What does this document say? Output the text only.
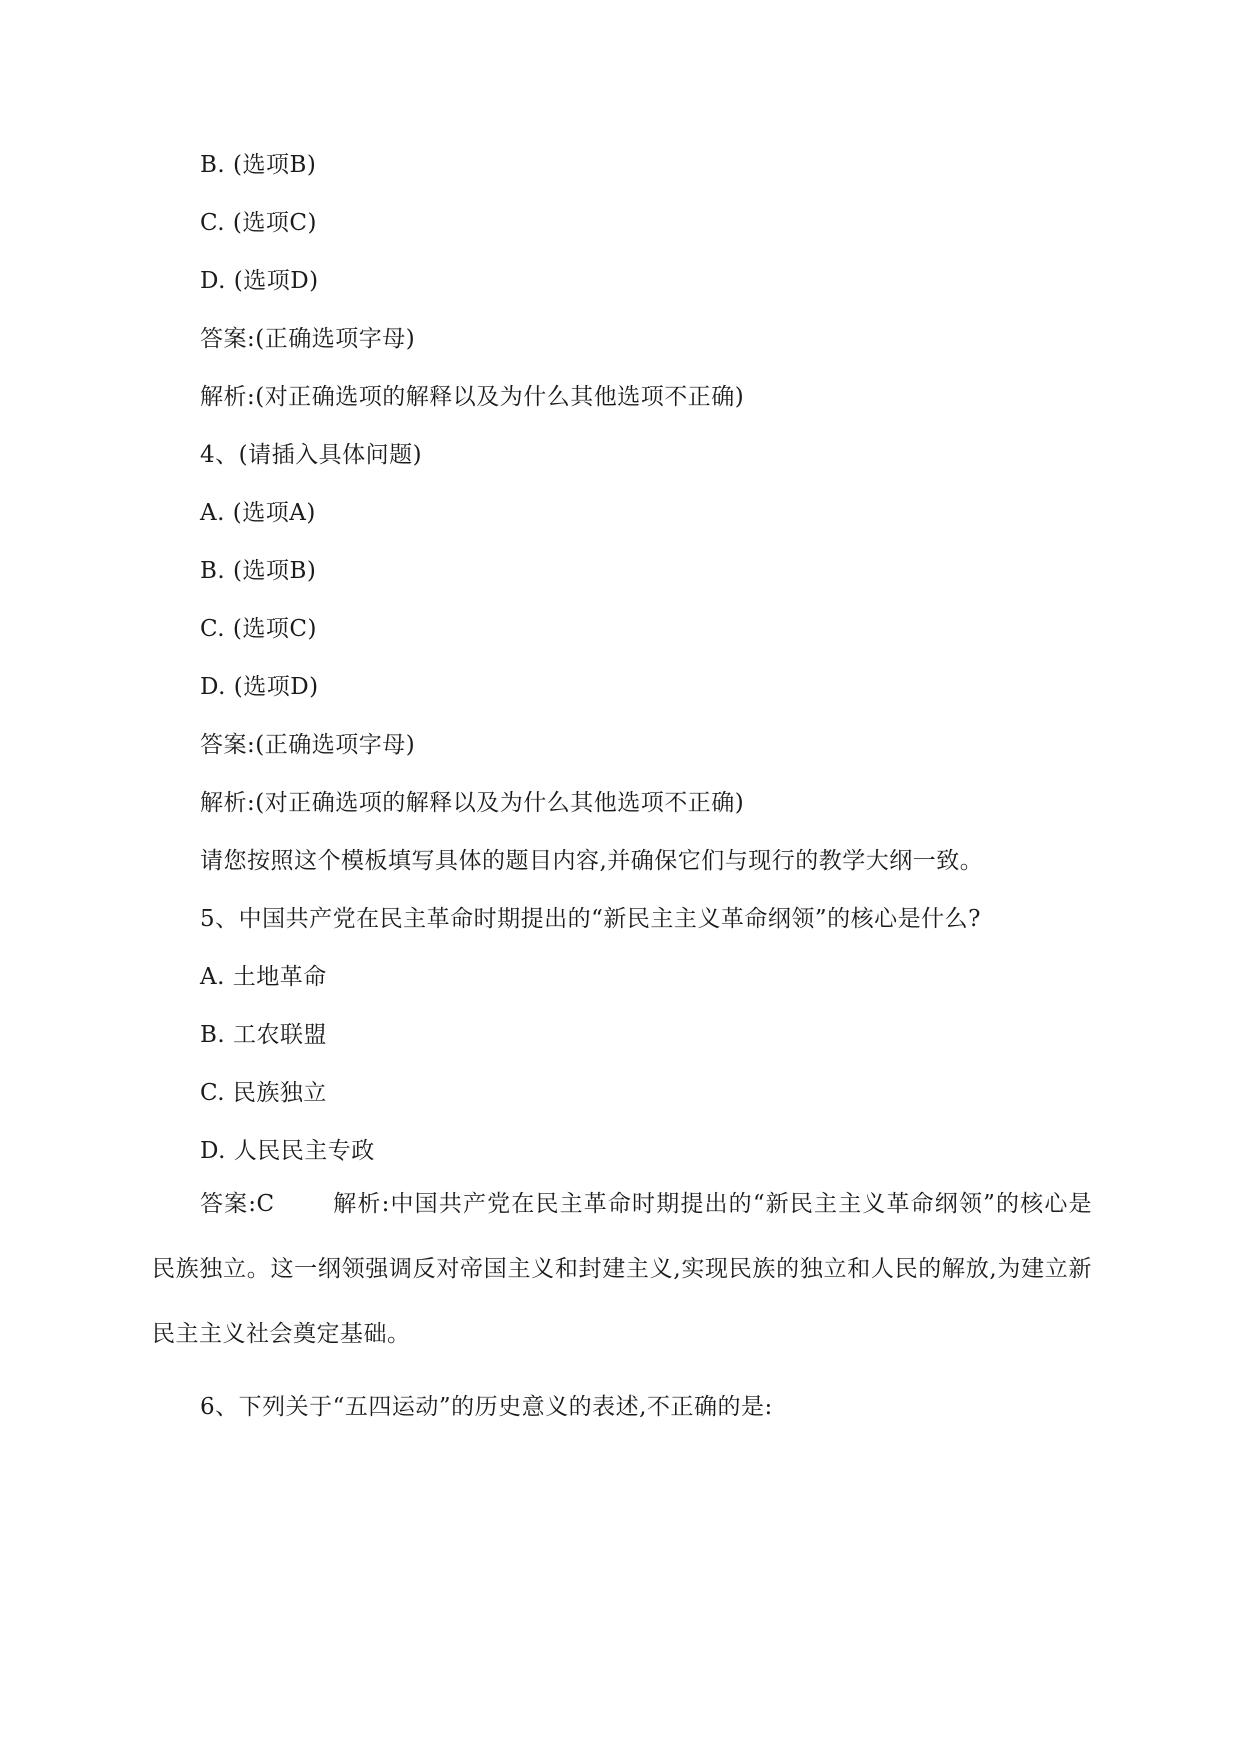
B. (选项B)
C. (选项C)
D. (选项D)
答案:(正确选项字母)
解析:(对正确选项的解释以及为什么其他选项不正确)
4、(请插入具体问题)
A. (选项A)
B. (选项B)
C. (选项C)
D. (选项D)
答案:(正确选项字母)
解析:(对正确选项的解释以及为什么其他选项不正确)
请您按照这个模板填写具体的题目内容,并确保它们与现行的教学大纲一致。
5、中国共产党在民主革命时期提出的“新民主主义革命纲领”的核心是什么?
A. 土地革命
B. 工农联盟
C. 民族独立
D. 人民民主专政
答案:C	解析:中国共产党在民主革命时期提出的“新民主主义革命纲领”的核心是民族独立。这一纲领强调反对帝国主义和封建主义,实现民族的独立和人民的解放,为建立新民主主义社会奠定基础。
6、下列关于“五四运动”的历史意义的表述,不正确的是:
